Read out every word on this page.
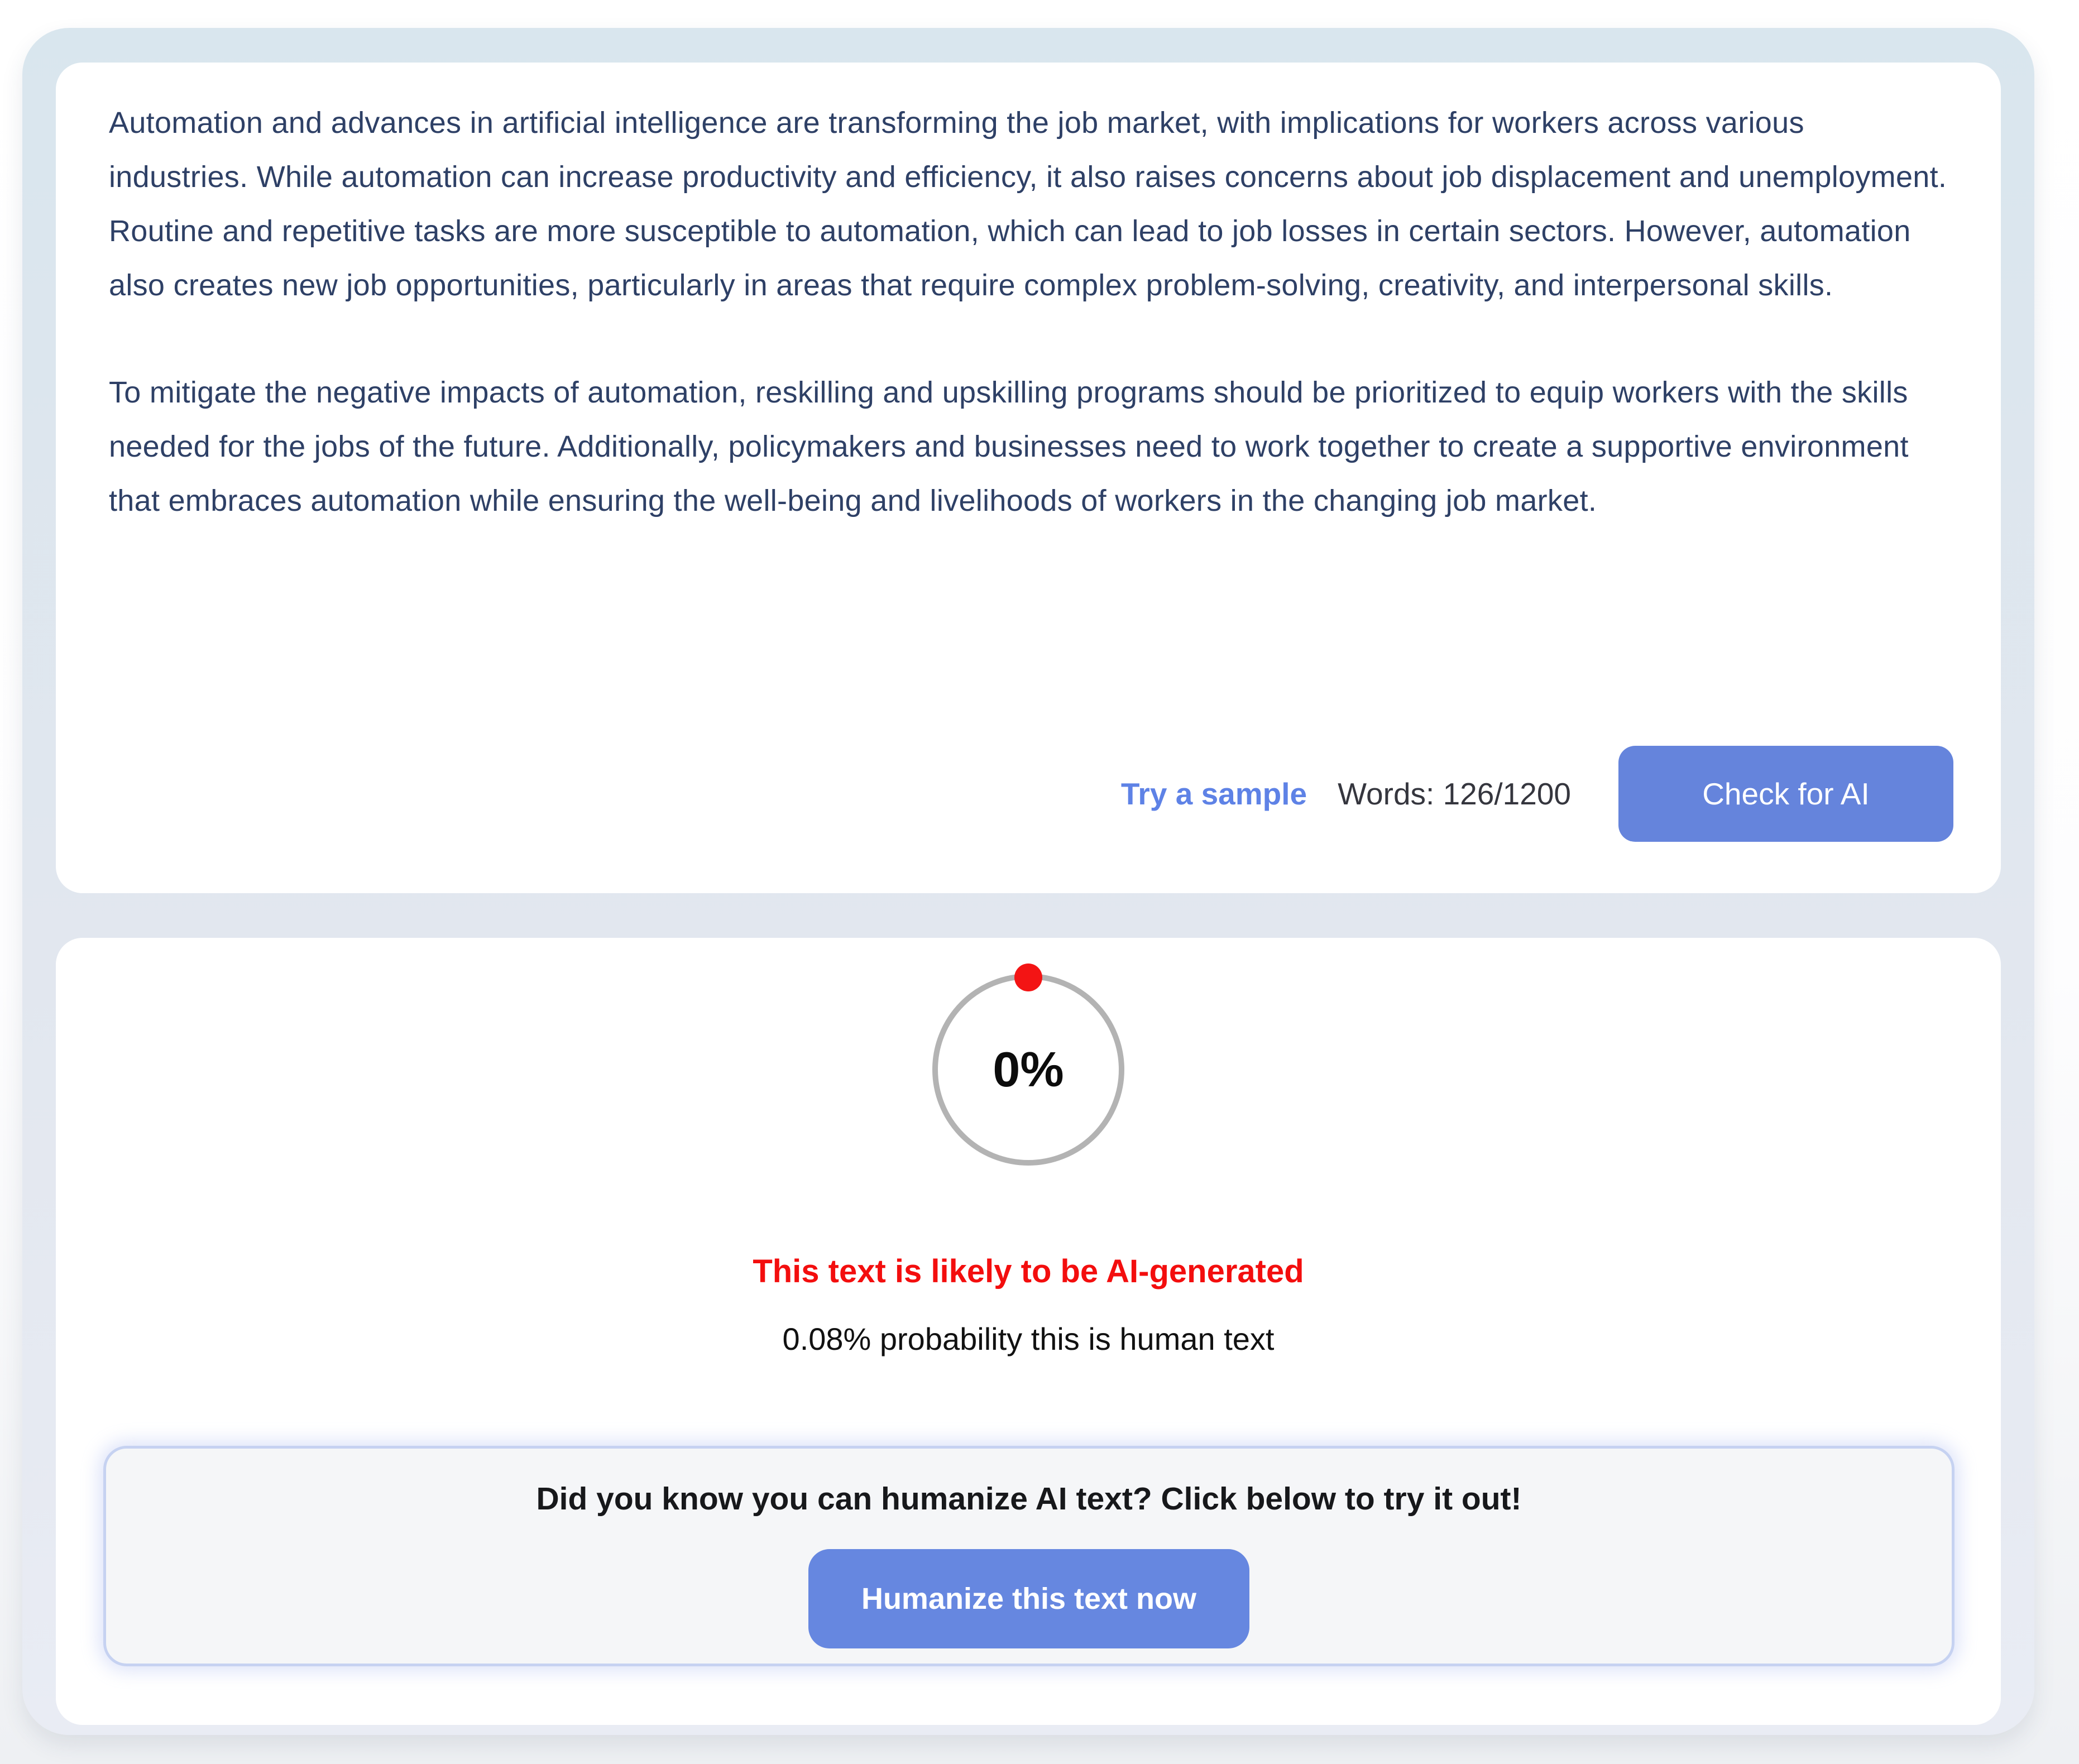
Automation and advances in artificial intelligence are transforming the job market, with implications for workers across various industries. While automation can increase productivity and efficiency, it also raises concerns about job displacement and unemployment. Routine and repetitive tasks are more susceptible to automation, which can lead to job losses in certain sectors. However, automation also creates new job opportunities, particularly in areas that require complex problem-solving, creativity, and interpersonal skills.

To mitigate the negative impacts of automation, reskilling and upskilling programs should be prioritized to equip workers with the skills needed for the jobs of the future. Additionally, policymakers and businesses need to work together to create a supportive environment that embraces automation while ensuring the well-being and livelihoods of workers in the changing job market.

Try a sample Words: 126/1200	Check for AI
0%
This text is likely to be AI-generated
0.08% probability this is human text
Did you know you can humanize AI text? Click below to try it out!
Humanize this text now
